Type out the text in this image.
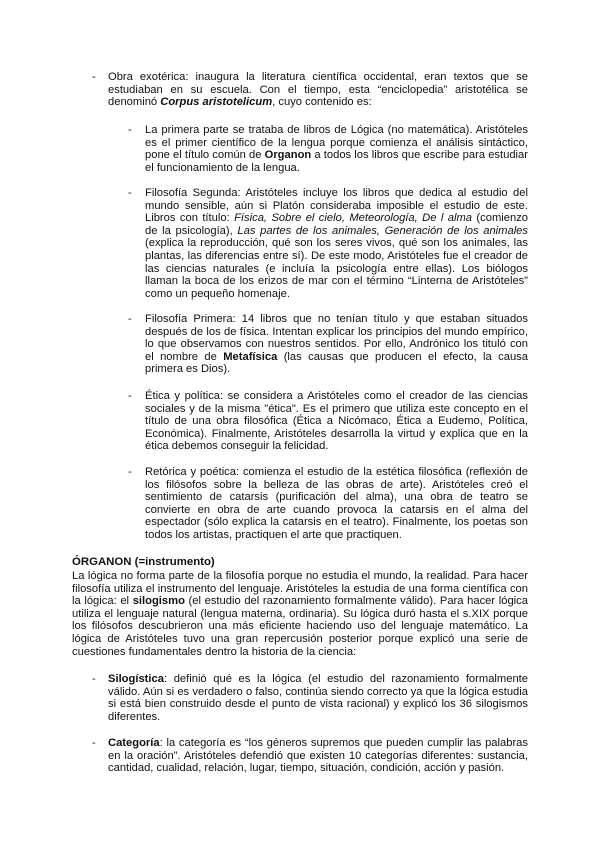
- Obra exotérica: inaugura la literatura científica occidental, eran textos que se estudiaban en su escuela. Con el tiempo, esta “enciclopedia” aristotélica se denominó Corpus aristotelicum, cuyo contenido es:

- La primera parte se trataba de libros de Lógica (no matemática). Aristóteles es el primer científico de la lengua porque comienza el análisis sintáctico, pone el título común de Organon a todos los libros que escribe para estudiar el funcionamiento de la lengua.

- Filosofía Segunda: Aristóteles incluye los libros que dedica al estudio del mundo sensible, aún si Platón consideraba imposible el estudio de este. Libros con título: Física, Sobre el cielo, Meteorología, De l alma (comienzo de la psicología), Las partes de los animales, Generación de los animales (explica la reproducción, qué son los seres vivos, qué son los animales, las plantas, las diferencias entre sí). De este modo, Aristóteles fue el creador de las ciencias naturales (e incluía la psicología entre ellas). Los biólogos llaman la boca de los erizos de mar con el término “Linterna de Aristóteles” como un pequeño homenaje.

- Filosofía Primera: 14 libros que no tenían título y que estaban situados después de los de física. Intentan explicar los principios del mundo empírico, lo que observamos con nuestros sentidos. Por ello, Andrónico los tituló con el nombre de Metafísica (las causas que producen el efecto, la causa primera es Dios).

- Ética y política: se considera a Aristóteles como el creador de las ciencias sociales y de la misma "ética". Es el primero que utiliza este concepto en el título de una obra filosófica (Ética a Nicómaco, Ética a Eudemo, Política, Económica). Finalmente, Aristóteles desarrolla la virtud y explica que en la ética debemos conseguir la felicidad.

- Retórica y poética: comienza el estudio de la estética filosófica (reflexión de los filósofos sobre la belleza de las obras de arte). Aristóteles creó el sentimiento de catarsis (purificación del alma), una obra de teatro se convierte en obra de arte cuando provoca la catarsis en el alma del espectador (sólo explica la catarsis en el teatro). Finalmente, los poetas son todos los artistas, practiquen el arte que practiquen.

ÓRGANON (=instrumento)

La lógica no forma parte de la filosofía porque no estudia el mundo, la realidad. Para hacer filosofía utiliza el instrumento del lenguaje. Aristóteles la estudia de una forma científica con la lógica: el silogismo (el estudio del razonamiento formalmente válido). Para hacer lógica utiliza el lenguaje natural (lengua materna, ordinaria). Su lógica duró hasta el s.XIX porque los filósofos descubrieron una más eficiente haciendo uso del lenguaje matemático. La lógica de Aristóteles tuvo una gran repercusión posterior porque explicó una serie de cuestiones fundamentales dentro la historia de la ciencia:

- Silogística: definió qué es la lógica (el estudio del razonamiento formalmente válido. Aún si es verdadero o falso, continúa siendo correcto ya que la lógica estudia si está bien construido desde el punto de vista racional) y explicó los 36 silogismos diferentes.

- Categoría: la categoría es “los géneros supremos que pueden cumplir las palabras en la oración”. Aristóteles defendió que existen 10 categorías diferentes: sustancia, cantidad, cualidad, relación, lugar, tiempo, situación, condición, acción y pasión.
